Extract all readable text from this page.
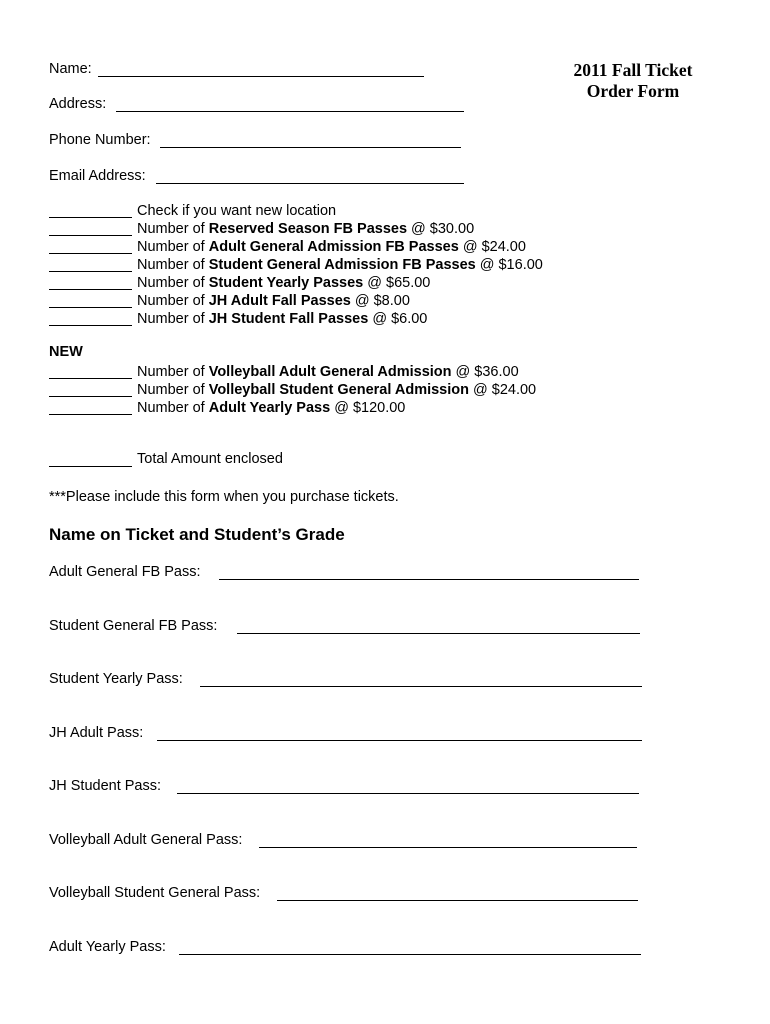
2011 Fall Ticket
Order Form
Name:
Address:
Phone Number:
Email Address:
Check if you want new location
Number of Reserved Season FB Passes @ $30.00
Number of Adult General Admission FB Passes @ $24.00
Number of Student General Admission FB Passes @ $16.00
Number of Student Yearly Passes @ $65.00
Number of JH Adult Fall Passes @ $8.00
Number of JH Student Fall Passes @ $6.00
NEW
Number of Volleyball Adult General Admission @ $36.00
Number of Volleyball Student General Admission @ $24.00
Number of Adult Yearly Pass @ $120.00
Total Amount enclosed
***Please include this form when you purchase tickets.
Name on Ticket and Student’s Grade
Adult General FB Pass:
Student General FB Pass:
Student Yearly Pass:
JH Adult Pass:
JH Student Pass:
Volleyball Adult General Pass:
Volleyball Student General Pass:
Adult Yearly Pass:
